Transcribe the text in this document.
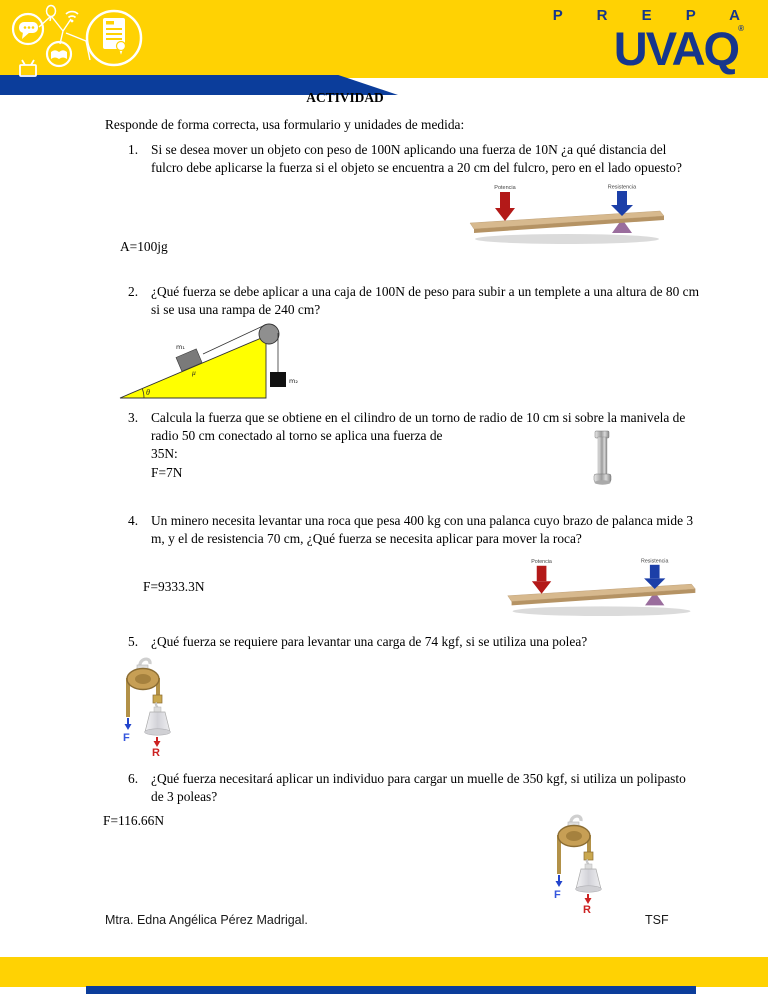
P R E P A
UVAQ®
ACTIVIDAD
Responde de forma correcta, usa formulario y unidades de medida:
1. Si se desea mover un objeto con peso de 100N aplicando una fuerza de 10N ¿a qué distancia del fulcro debe aplicarse la fuerza si el objeto se encuentra a 20 cm del fulcro, pero en el lado opuesto?
A=100jg
2. ¿Qué fuerza se debe aplicar a una caja de 100N de peso para subir a un templete a una altura de 80 cm si se usa una rampa de 240 cm?
3. Calcula la fuerza que se obtiene en el cilindro de un torno de radio de 10 cm si sobre la manivela de radio 50 cm conectado al torno se aplica una fuerza de
35N:
F=7N
4. Un minero necesita levantar una roca que pesa 400 kg con una palanca cuyo brazo de palanca mide 3 m, y el de resistencia 70 cm, ¿Qué fuerza se necesita aplicar para mover la roca?
F=9333.3N
5. ¿Qué fuerza se requiere para levantar una carga de 74 kgf, si se utiliza una polea?
6. ¿Qué fuerza necesitará aplicar un individuo para cargar un muelle de 350 kgf, si utiliza un polipasto de 3 poleas?
F=116.66N
Potencia	Resistencia
θ
m₁
μ
m₂
Potencia	Resistencia
F
R
F
R
Mtra. Edna Angélica Pérez Madrigal.	TSF
